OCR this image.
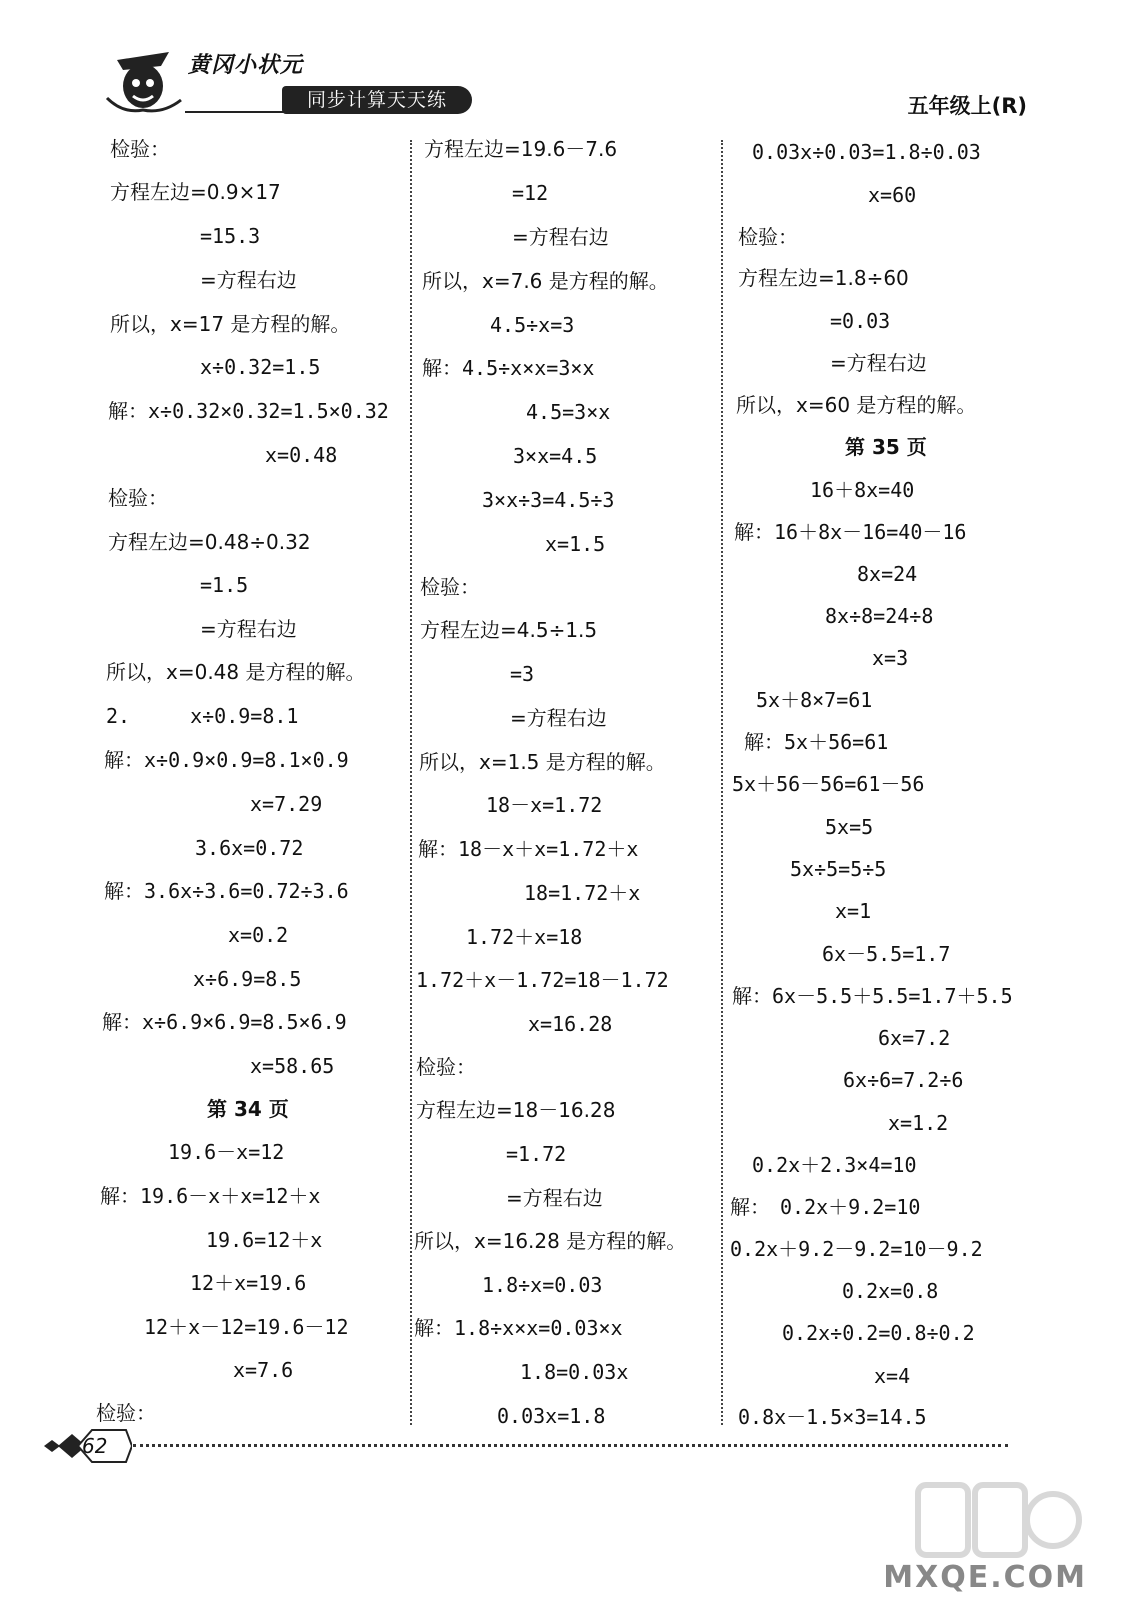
黄冈小状元
同步计算天天练	五年级上(R)
检验：
方程左边=0.9×17
=15.3
=方程右边
所以，x=17 是方程的解。
x÷0.32=1.5
解：x÷0.32×0.32=1.5×0.32
x=0.48
检验：
方程左边=0.48÷0.32
=1.5
=方程右边
所以，x=0.48 是方程的解。
2.　　　x÷0.9=8.1
解：x÷0.9×0.9=8.1×0.9
x=7.29
3.6x=0.72
解：3.6x÷3.6=0.72÷3.6
x=0.2
x÷6.9=8.5
解：x÷6.9×6.9=8.5×6.9
x=58.65
第 34 页
19.6－x=12
解：19.6－x＋x=12＋x
19.6=12＋x
12＋x=19.6
12＋x－12=19.6－12
x=7.6
检验：
方程左边=19.6－7.6
=12
=方程右边
所以，x=7.6 是方程的解。
4.5÷x=3
解：4.5÷x×x=3×x
4.5=3×x
3×x=4.5
3×x÷3=4.5÷3
x=1.5
检验：
方程左边=4.5÷1.5
=3
=方程右边
所以，x=1.5 是方程的解。
18－x=1.72
解：18－x＋x=1.72＋x
18=1.72＋x
1.72＋x=18
1.72＋x－1.72=18－1.72
x=16.28
检验：
方程左边=18－16.28
=1.72
=方程右边
所以，x=16.28 是方程的解。
1.8÷x=0.03
解：1.8÷x×x=0.03×x
1.8=0.03x
0.03x=1.8
0.03x÷0.03=1.8÷0.03
x=60
检验：
方程左边=1.8÷60
=0.03
=方程右边
所以，x=60 是方程的解。
第 35 页
16＋8x=40
解：16＋8x－16=40－16
8x=24
8x÷8=24÷8
x=3
5x＋8×7=61
解：5x＋56=61
5x＋56－56=61－56
5x=5
5x÷5=5÷5
x=1
6x－5.5=1.7
解：6x－5.5＋5.5=1.7＋5.5
6x=7.2
6x÷6=7.2÷6
x=1.2
0.2x＋2.3×4=10
解：　0.2x＋9.2=10
0.2x＋9.2－9.2=10－9.2
0.2x=0.8
0.2x÷0.2=0.8÷0.2
x=4
0.8x－1.5×3=14.5
62
MXQE.COM
